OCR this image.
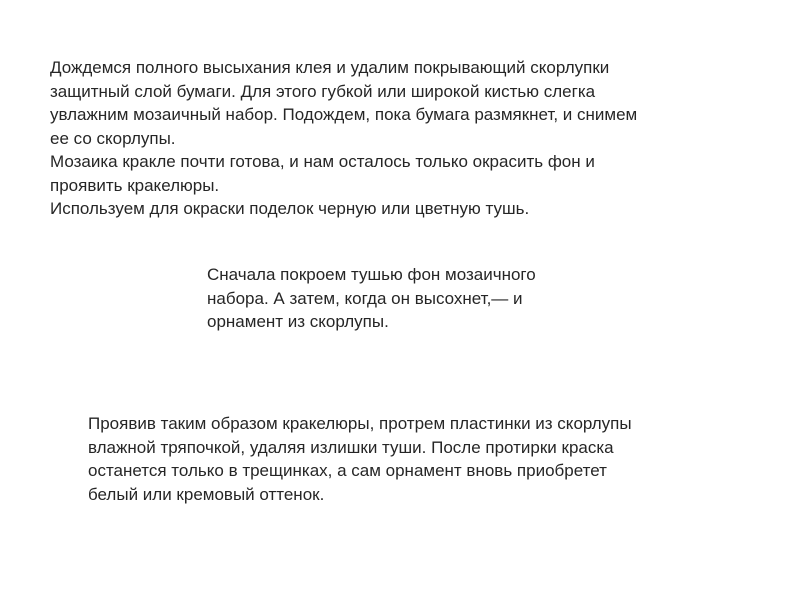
Дождемся полного высыхания клея и удалим покрывающий скорлупки
защитный слой бумаги. Для этого губкой или широкой кистью слегка
увлажним мозаичный набор. Подождем, пока бумага размякнет, и снимем
ее со скорлупы.
Мозаика кракле почти готова, и нам осталось только окрасить фон и
проявить кракелюры.
Используем для окраски поделок черную или цветную тушь.
Сначала покроем тушью фон мозаичного
набора. А затем, когда он высохнет,— и
орнамент из скорлупы.
Проявив таким образом кракелюры, протрем пластинки из скорлупы
влажной тряпочкой, удаляя излишки туши. После протирки краска
останется только в трещинках, а сам орнамент вновь приобретет
белый или кремовый оттенок.
